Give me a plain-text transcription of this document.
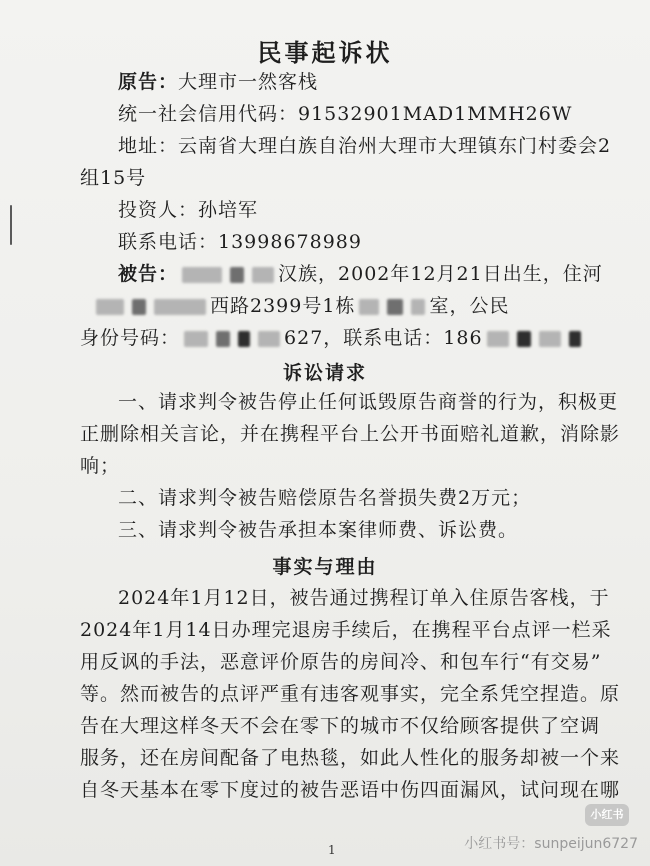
民事起诉状
原告：大理市一然客栈
统一社会信用代码：91532901MAD1MMH26W
地址：云南省大理白族自治州大理市大理镇东门村委会2
组15号
投资人：孙培军
联系电话：13998678989
被告：	汉族，2002年12月21日出生，住河
西路2399号1栋	室，公民
身份号码：	627，联系电话：186
诉讼请求
一、请求判令被告停止任何诋毁原告商誉的行为，积极更
正删除相关言论，并在携程平台上公开书面赔礼道歉，消除影
响；
二、请求判令被告赔偿原告名誉损失费2万元；
三、请求判令被告承担本案律师费、诉讼费。
事实与理由
2024年1月12日，被告通过携程订单入住原告客栈，于
2024年1月14日办理完退房手续后，在携程平台点评一栏采
用反讽的手法，恶意评价原告的房间冷、和包车行“有交易”
等。然而被告的点评严重有违客观事实，完全系凭空捏造。原
告在大理这样冬天不会在零下的城市不仅给顾客提供了空调
服务，还在房间配备了电热毯，如此人性化的服务却被一个来
自冬天基本在零下度过的被告恶语中伤四面漏风，试问现在哪
1
小红书
小红书号：sunpeijun6727
